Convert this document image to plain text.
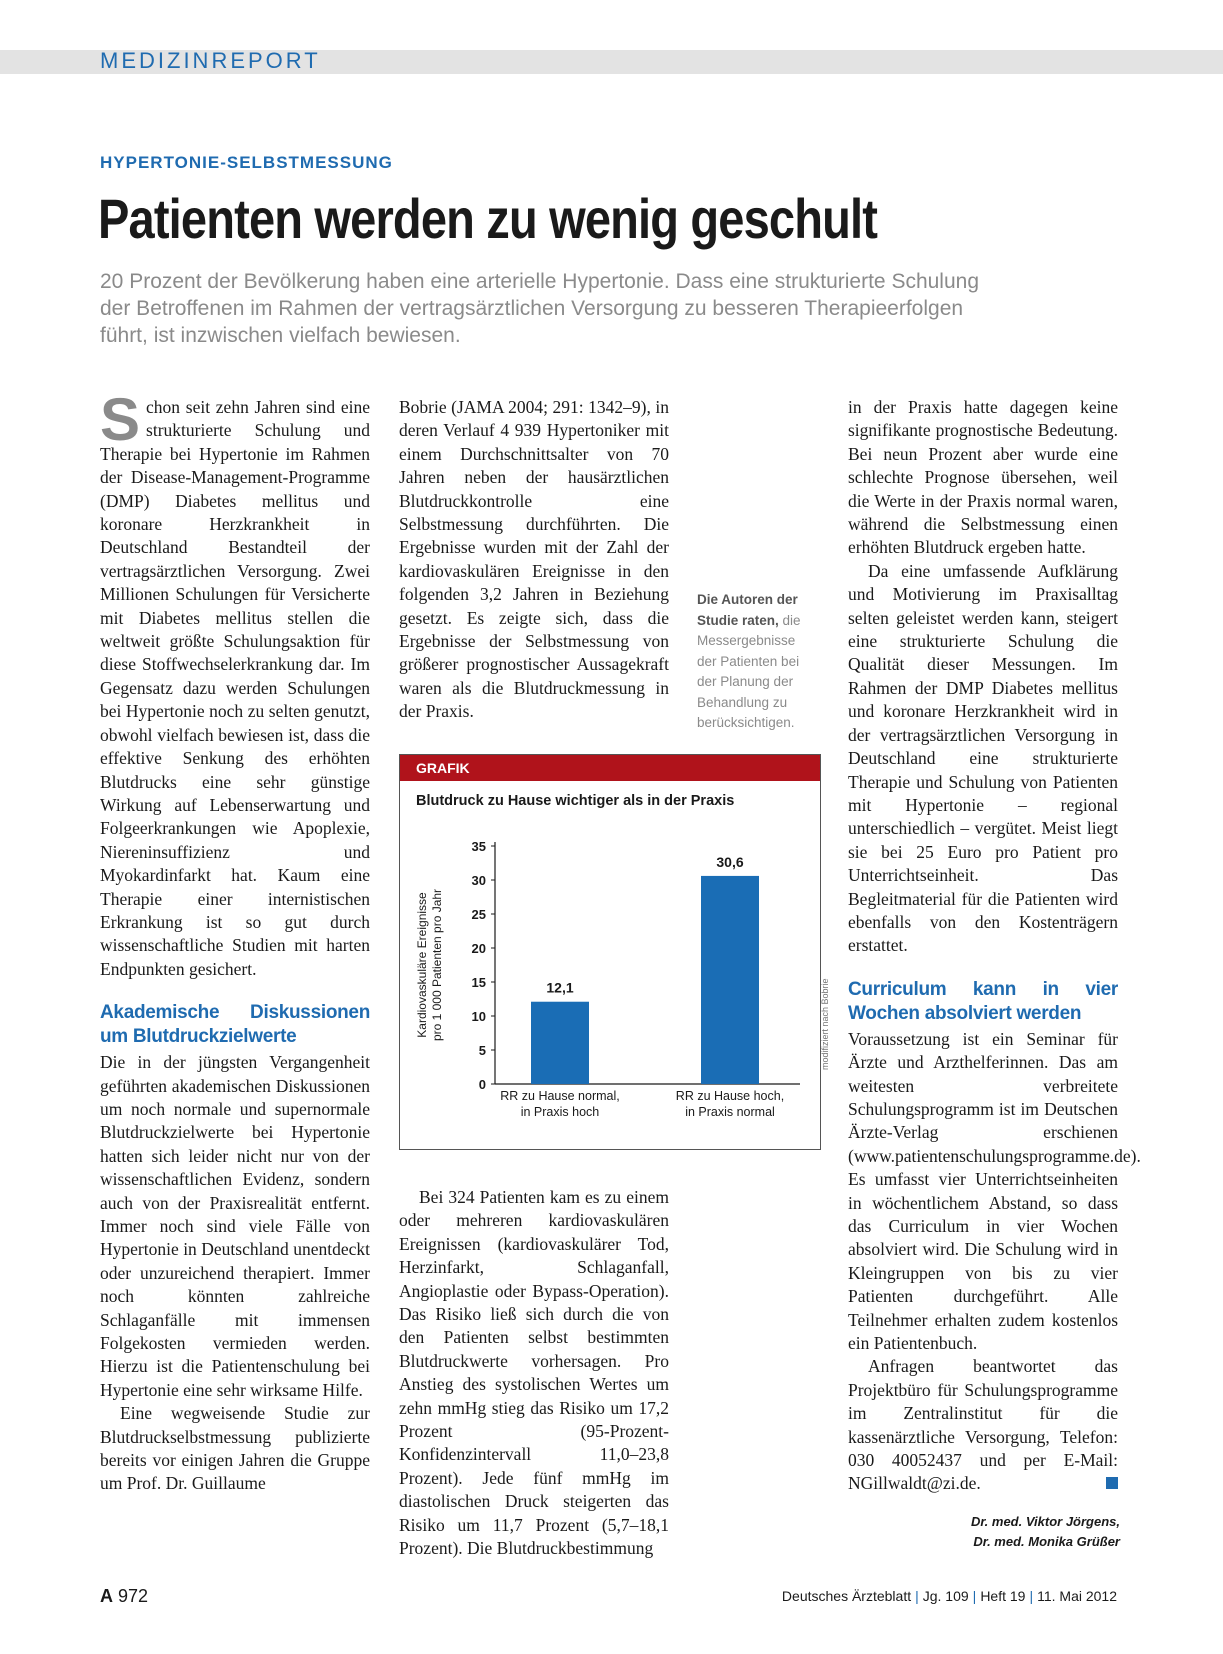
MEDIZINREPORT
HYPERTONIE-SELBSTMESSUNG
Patienten werden zu wenig geschult
20 Prozent der Bevölkerung haben eine arterielle Hypertonie. Dass eine strukturierte Schulung der Betroffenen im Rahmen der vertragsärztlichen Versorgung zu besseren Therapieerfolgen führt, ist inzwischen vielfach bewiesen.

Schon seit zehn Jahren sind eine strukturierte Schulung und Therapie bei Hypertonie im Rahmen der Disease-Management-Programme (DMP) Diabetes mellitus und koronare Herzkrankheit in Deutschland Bestandteil der vertragsärztlichen Versorgung. Zwei Millionen Schulungen für Versicherte mit Diabetes mellitus stellen die weltweit größte Schulungsaktion für diese Stoffwechselerkrankung dar. Im Gegensatz dazu werden Schulungen bei Hypertonie noch zu selten genutzt, obwohl vielfach bewiesen ist, dass die effektive Senkung des erhöhten Blutdrucks eine sehr günstige Wirkung auf Lebenserwartung und Folgeerkrankungen wie Apoplexie, Niereninsuffizienz und Myokardinfarkt hat. Kaum eine Therapie einer internistischen Erkrankung ist so gut durch wissenschaftliche Studien mit harten Endpunkten gesichert.

Akademische Diskussionen um Blutdruckzielwerte

Die in der jüngsten Vergangenheit geführten akademischen Diskussionen um noch normale und supernormale Blutdruckzielwerte bei Hypertonie hatten sich leider nicht nur von der wissenschaftlichen Evidenz, sondern auch von der Praxisrealität entfernt. Immer noch sind viele Fälle von Hypertonie in Deutschland unentdeckt oder unzureichend therapiert. Immer noch könnten zahlreiche Schlaganfälle mit immensen Folgekosten vermieden werden. Hierzu ist die Patientenschulung bei Hypertonie eine sehr wirksame Hilfe.

Eine wegweisende Studie zur Blutdruckselbstmessung publizierte bereits vor einigen Jahren die Gruppe um Prof. Dr. Guillaume

Bobrie (JAMA 2004; 291: 1342–9), in deren Verlauf 4 939 Hypertoniker mit einem Durchschnittsalter von 70 Jahren neben der hausärztlichen Blutdruckkontrolle eine Selbstmessung durchführten. Die Ergebnisse wurden mit der Zahl der kardiovaskulären Ereignisse in den folgenden 3,2 Jahren in Beziehung gesetzt. Es zeigte sich, dass die Ergebnisse der Selbstmessung von größerer prognostischer Aussagekraft waren als die Blutdruckmessung in der Praxis.

Die Autoren der Studie raten, die Messergebnisse der Patienten bei der Planung der Behandlung zu berücksichtigen.
GRAFIK
Blutdruck zu Hause wichtiger als in der Praxis
0
5
10
15
20
25
30
35
Kardiovaskuläre Ereignisse pro 1 000 Patienten pro Jahr	12,1
RR zu Hause normal,
in Praxis hoch
30,6
RR zu Hause hoch,
in Praxis normal
modifiziert nach Bobrie

Bei 324 Patienten kam es zu einem oder mehreren kardiovaskulären Ereignissen (kardiovaskulärer Tod, Herzinfarkt, Schlaganfall, Angioplastie oder Bypass-Operation). Das Risiko ließ sich durch die von den Patienten selbst bestimmten Blutdruckwerte vorhersagen. Pro Anstieg des systolischen Wertes um zehn mmHg stieg das Risiko um 17,2 Prozent (95-Prozent-Konfidenzintervall 11,0–23,8 Prozent). Jede fünf mmHg im diastolischen Druck steigerten das Risiko um 11,7 Prozent (5,7–18,1 Prozent). Die Blutdruckbestimmung

in der Praxis hatte dagegen keine signifikante prognostische Bedeutung. Bei neun Prozent aber wurde eine schlechte Prognose übersehen, weil die Werte in der Praxis normal waren, während die Selbstmessung einen erhöhten Blutdruck ergeben hatte.

Da eine umfassende Aufklärung und Motivierung im Praxisalltag selten geleistet werden kann, steigert eine strukturierte Schulung die Qualität dieser Messungen. Im Rahmen der DMP Diabetes mellitus und koronare Herzkrankheit wird in der vertragsärztlichen Versorgung in Deutschland eine strukturierte Therapie und Schulung von Patienten mit Hypertonie – regional unterschiedlich – vergütet. Meist liegt sie bei 25 Euro pro Patient pro Unterrichtseinheit. Das Begleitmaterial für die Patienten wird ebenfalls von den Kostenträgern erstattet.

Curriculum kann in vier Wochen absolviert werden

Voraussetzung ist ein Seminar für Ärzte und Arzthelferinnen. Das am weitesten verbreitete Schulungsprogramm ist im Deutschen Ärzte-Verlag erschienen (www.patientenschulungsprogramme.de). Es umfasst vier Unterrichtseinheiten in wöchentlichem Abstand, so dass das Curriculum in vier Wochen absolviert wird. Die Schulung wird in Kleingruppen von bis zu vier Patienten durchgeführt. Alle Teilnehmer erhalten zudem kostenlos ein Patientenbuch.

Anfragen beantwortet das Projektbüro für Schulungsprogramme im Zentralinstitut für die kassenärztliche Versorgung, Telefon: 030 40052437 und per E-Mail: NGillwaldt@zi.de.

Dr. med. Viktor Jörgens,
Dr. med. Monika Grüßer
A 972	Deutsches Ärzteblatt | Jg. 109 | Heft 19 | 11. Mai 2012
